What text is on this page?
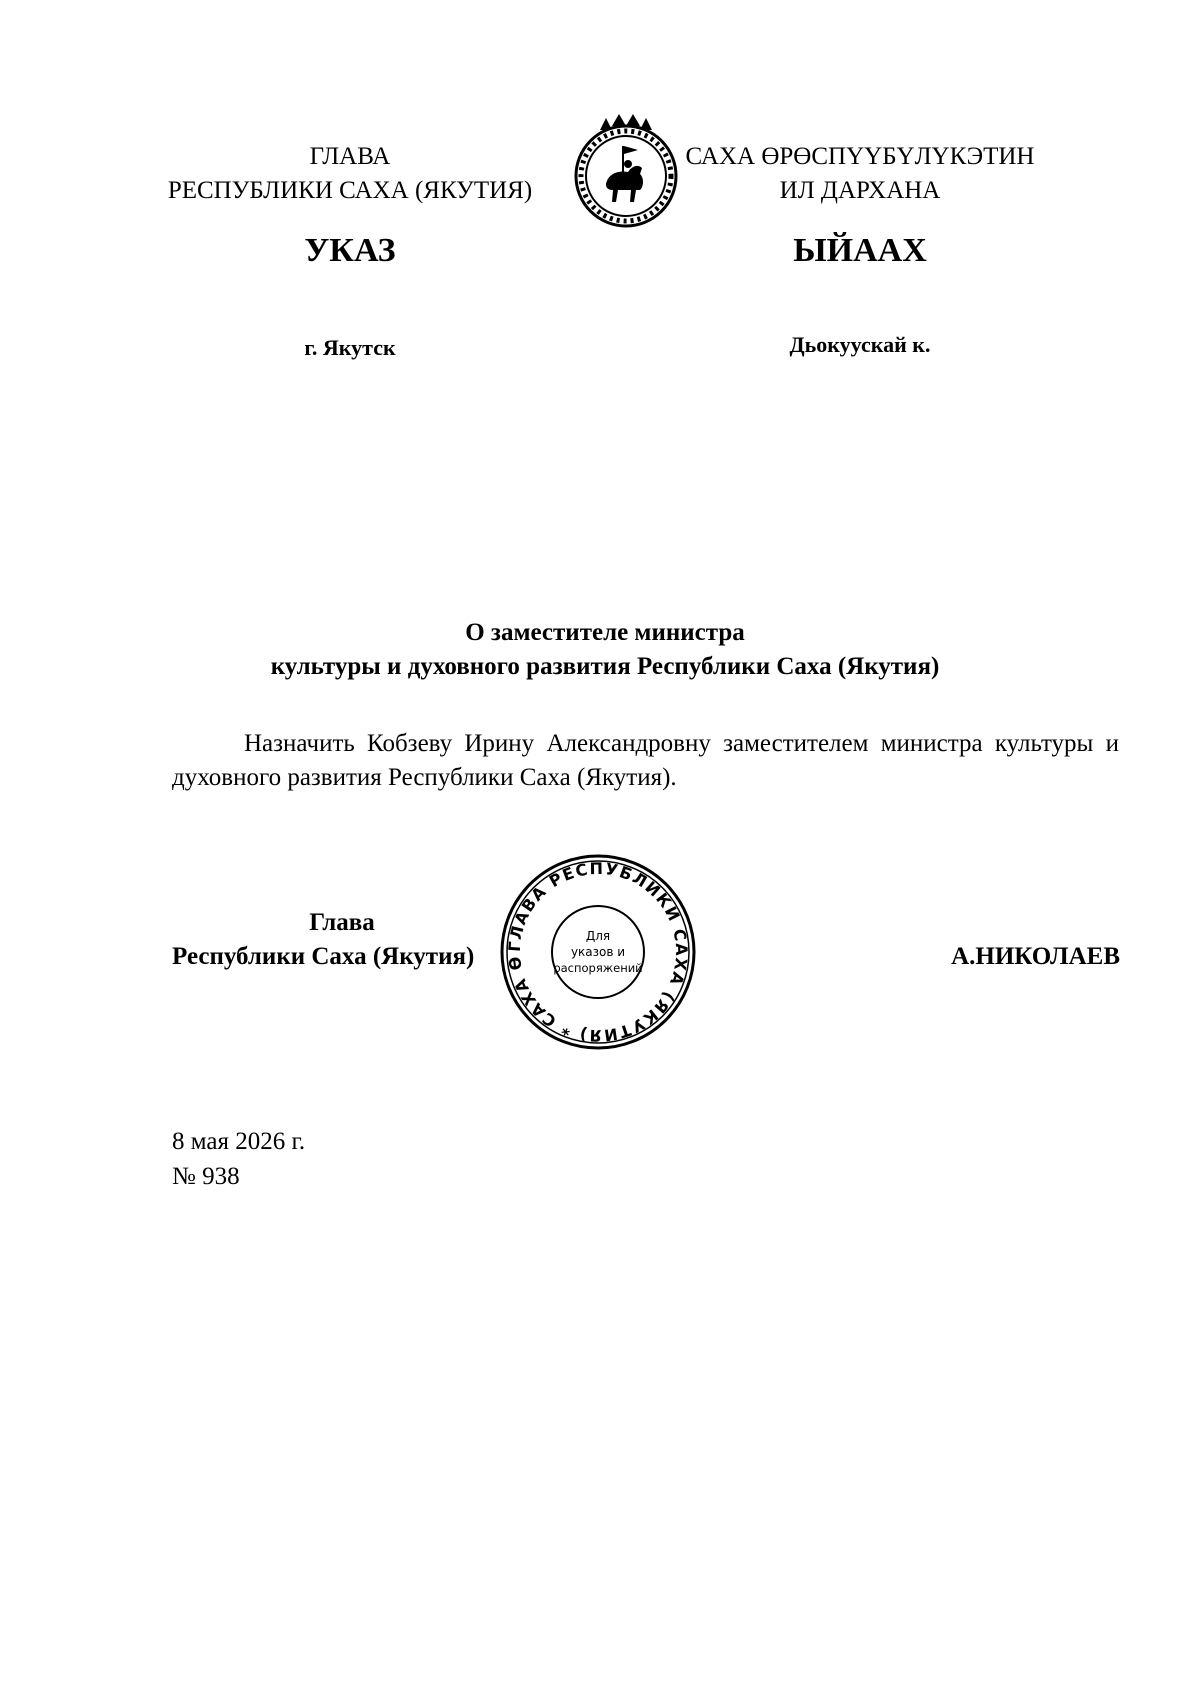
ГЛАВА
РЕСПУБЛИКИ САХА (ЯКУТИЯ)
САХА ӨРӨСПYYБYЛYКЭТИН
ИЛ ДАРХАНА
УКАЗ	ЫЙААХ
г. Якутск	Дьокуускай к.
О заместителе министра
культуры и духовного развития Республики Саха (Якутия)
Назначить Кобзеву Ирину Александровну заместителем министра культуры и духовного развития Республики Саха (Якутия).
Глава
Республики Саха (Якутия)	А.НИКОЛАЕВ
ГЛАВА РЕСПУБЛИКИ САХА (ЯКУТИЯ) * САХА Ө
Для
указов и
распоряжений
8 мая 2026 г.
№ 938
